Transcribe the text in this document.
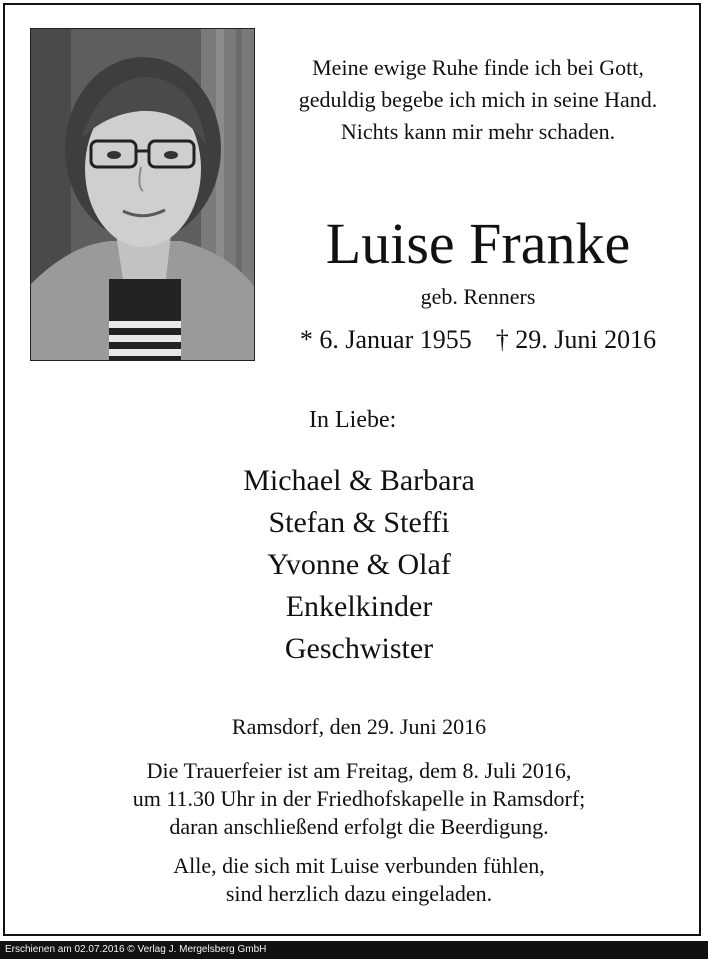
Meine ewige Ruhe finde ich bei Gott,
geduldig begebe ich mich in seine Hand.
Nichts kann mir mehr schaden.
Luise Franke
geb. Renners
* 6. Januar 1955 † 29. Juni 2016
In Liebe:
Michael & Barbara
Stefan & Steffi
Yvonne & Olaf
Enkelkinder
Geschwister
Ramsdorf, den 29. Juni 2016
Die Trauerfeier ist am Freitag, dem 8. Juli 2016,
um 11.30 Uhr in der Friedhofskapelle in Ramsdorf;
daran anschließend erfolgt die Beerdigung.
Alle, die sich mit Luise verbunden fühlen,
sind herzlich dazu eingeladen.
Erschienen am 02.07.2016 © Verlag J. Mergelsberg GmbH
